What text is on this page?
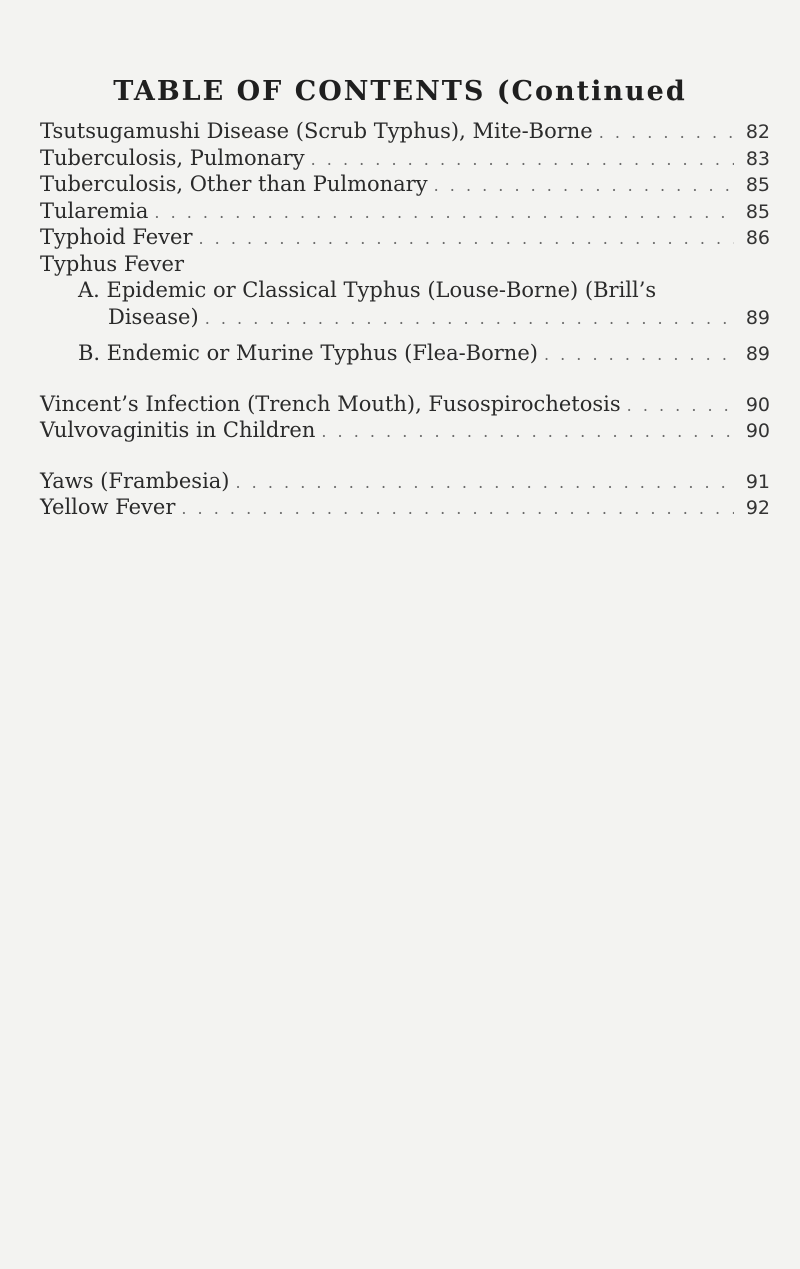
TABLE OF CONTENTS (Continued
Tsutsugamushi Disease (Scrub Typhus), Mite-Borne . . .	82
Tuberculosis, Pulmonary . . .	83
Tuberculosis, Other than Pulmonary . . .	85
Tularemia . . .	85
Typhoid Fever . . .	86
Typhus Fever
A. Epidemic or Classical Typhus (Louse-Borne) (Brill’s
Disease) . . .	89
B. Endemic or Murine Typhus (Flea-Borne) . . .	89
Vincent’s Infection (Trench Mouth), Fusospirochetosis . . .	90
Vulvovaginitis in Children . . .	90
Yaws (Frambesia) . . .	91
Yellow Fever . . .	92
